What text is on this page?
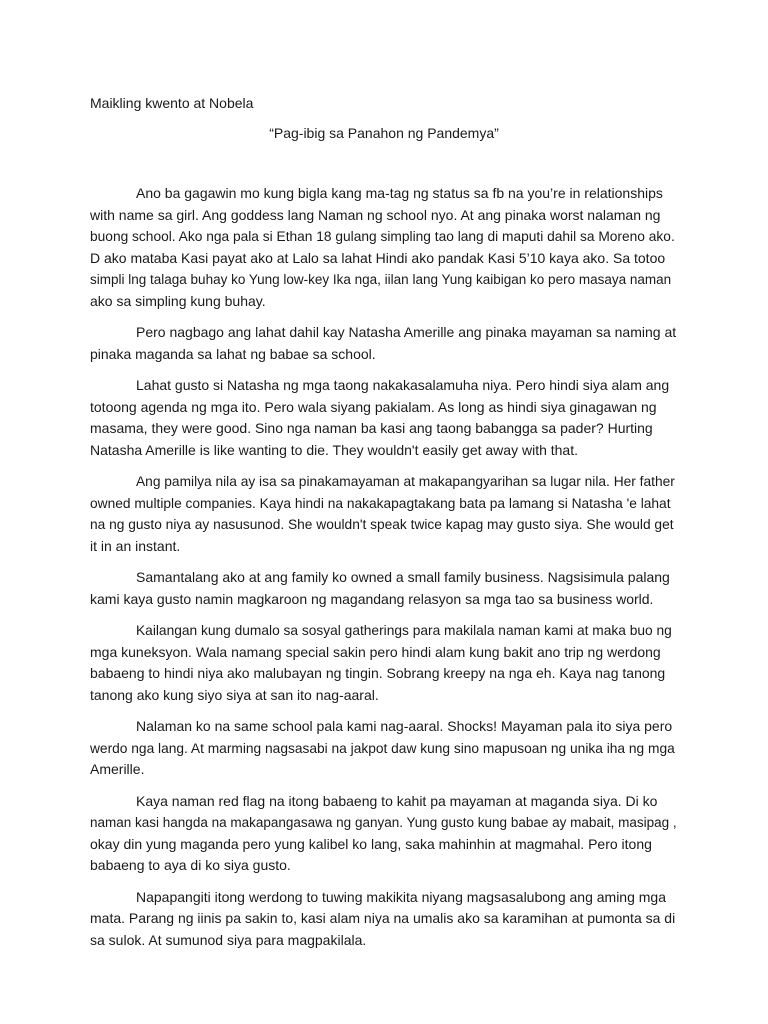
Maikling kwento at Nobela
“Pag-ibig sa Panahon ng Pandemya”

Ano ba gagawin mo kung bigla kang ma-tag ng status sa fb na you’re in relationships
with name sa girl. Ang goddess lang Naman ng school nyo. At ang pinaka worst nalaman ng
buong school. Ako nga pala si Ethan 18 gulang simpling tao lang di maputi dahil sa Moreno ako.
D ako mataba Kasi payat ako at Lalo sa lahat Hindi ako pandak Kasi 5’10 kaya ako. Sa totoo
simpli lng talaga buhay ko Yung low-key Ika nga, iilan lang Yung kaibigan ko pero masaya naman
ako sa simpling kung buhay.

Pero nagbago ang lahat dahil kay Natasha Amerille ang pinaka mayaman sa naming at
pinaka maganda sa lahat ng babae sa school.

Lahat gusto si Natasha ng mga taong nakakasalamuha niya. Pero hindi siya alam ang
totoong agenda ng mga ito. Pero wala siyang pakialam. As long as hindi siya ginagawan ng
masama, they were good. Sino nga naman ba kasi ang taong babangga sa pader? Hurting
Natasha Amerille is like wanting to die. They wouldn't easily get away with that.

Ang pamilya nila ay isa sa pinakamayaman at makapangyarihan sa lugar nila. Her father
owned multiple companies. Kaya hindi na nakakapagtakang bata pa lamang si Natasha 'e lahat
na ng gusto niya ay nasusunod. She wouldn't speak twice kapag may gusto siya. She would get
it in an instant.

Samantalang ako at ang family ko owned a small family business. Nagsisimula palang
kami kaya gusto namin magkaroon ng magandang relasyon sa mga tao sa business world.

Kailangan kung dumalo sa sosyal gatherings para makilala naman kami at maka buo ng
mga kuneksyon. Wala namang special sakin pero hindi alam kung bakit ano trip ng werdong
babaeng to hindi niya ako malubayan ng tingin. Sobrang kreepy na nga eh. Kaya nag tanong
tanong ako kung siyo siya at san ito nag-aaral.

Nalaman ko na same school pala kami nag-aaral. Shocks! Mayaman pala ito siya pero
werdo nga lang. At marming nagsasabi na jakpot daw kung sino mapusoan ng unika iha ng mga
Amerille.

Kaya naman red flag na itong babaeng to kahit pa mayaman at maganda siya. Di ko
naman kasi hangda na makapangasawa ng ganyan. Yung gusto kung babae ay mabait, masipag ,
okay din yung maganda pero yung kalibel ko lang, saka mahinhin at magmahal. Pero itong
babaeng to aya di ko siya gusto.

Napapangiti itong werdong to tuwing makikita niyang magsasalubong ang aming mga
mata. Parang ng iinis pa sakin to, kasi alam niya na umalis ako sa karamihan at pumonta sa di
sa sulok. At sumunod siya para magpakilala.
